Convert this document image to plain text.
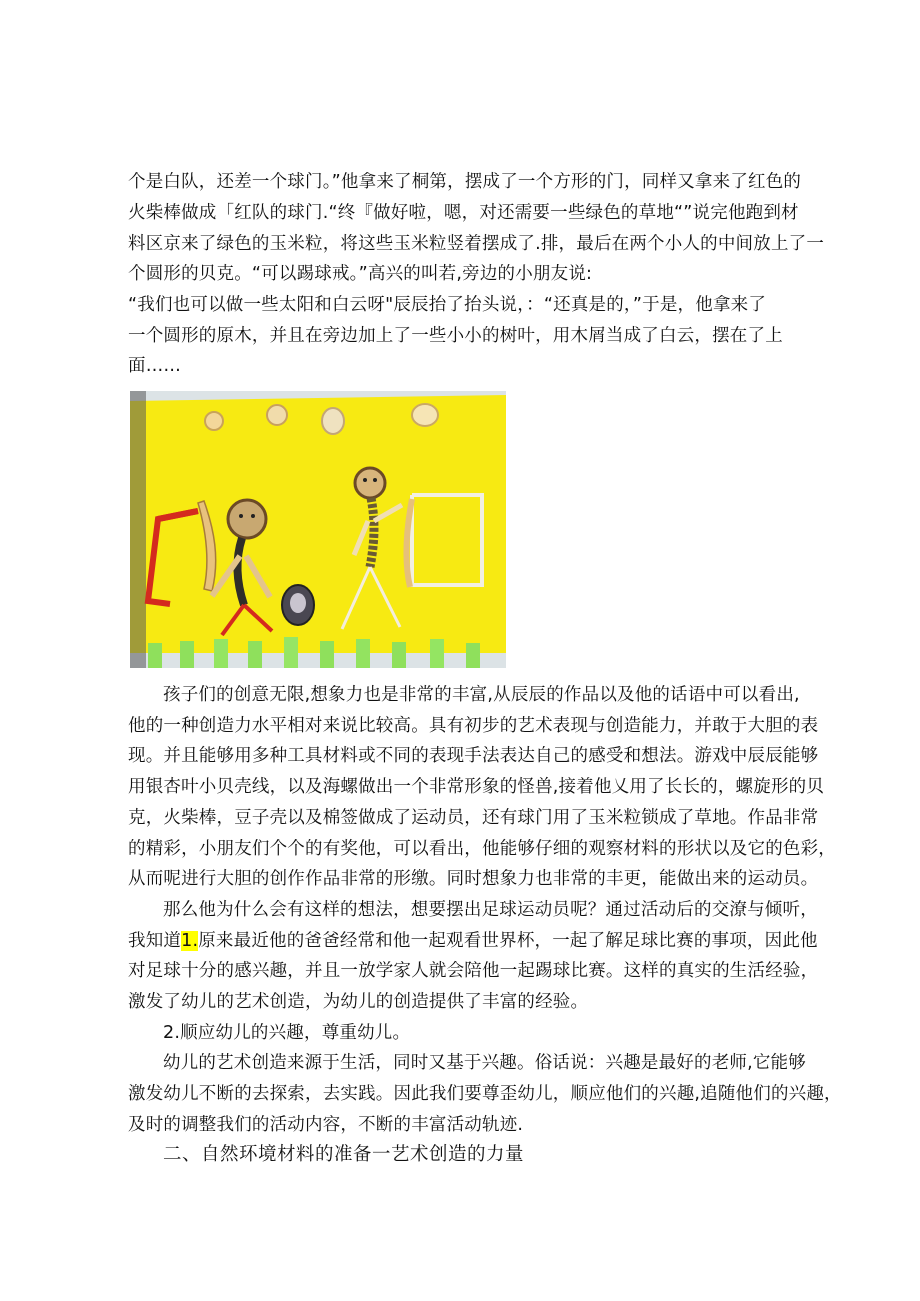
个是白队，还差一个球门。”他拿来了桐第，摆成了一个方形的门，同样又拿来了红色的
火柴棒做成「红队的球门.“终『做好啦，嗯，对还需要一些绿色的草地“”说完他跑到材
料区京来了绿色的玉米粒，将这些玉米粒竖着摆成了.排，最后在两个小人的中间放上了一
个圆形的贝克。“可以踢球戒。”高兴的叫若,旁边的小朋友说:
“我们也可以做一些太阳和白云呀"辰辰抬了抬头说，：“还真是的，”于是，他拿来了
一个圆形的原木，并且在旁边加上了一些小小的树叶，用木屑当成了白云，摆在了上
面……
孩子们的创意无限,想象力也是非常的丰富,从辰辰的作品以及他的话语中可以看出,
他的一种创造力水平相对来说比较高。具有初步的艺术表现与创造能力，并敢于大胆的表
现。并且能够用多种工具材料或不同的表现手法表达自己的感受和想法。游戏中辰辰能够
用银杏叶小贝壳线，以及海螺做出一个非常形象的怪兽,接着他乂用了长长的，螺旋形的贝
克，火柴棒，豆子壳以及棉签做成了运动员，还有球门用了玉米粒锁成了草地。作品非常
的精彩，小朋友们个个的有奖他，可以看出，他能够仔细的观察材料的形状以及它的色彩，
从而呢进行大胆的创作作品非常的形缴。同时想象力也非常的丰更，能做出来的运动员。
那么他为什么会有这样的想法，想要摆出足球运动员呢？通过活动后的交潦与倾听，
我知道1.原来最近他的爸爸经常和他一起观看世界杯，一起了解足球比赛的事项，因此他
对足球十分的感兴趣，并且一放学家人就会陪他一起踢球比赛。这样的真实的生活经验，
激发了幼儿的艺术创造，为幼儿的创造提供了丰富的经验。
2.顺应幼儿的兴趣，尊重幼儿。
幼儿的艺术创造来源于生活，同时又基于兴趣。俗话说：兴趣是最好的老师,它能够
激发幼儿不断的去探索，去实践。因此我们要尊歪幼儿，顺应他们的兴趣,追随他们的兴趣，
及时的调整我们的活动内容，不断的丰富活动轨迹.
二、自然环境材料的准备一艺术创造的力量
